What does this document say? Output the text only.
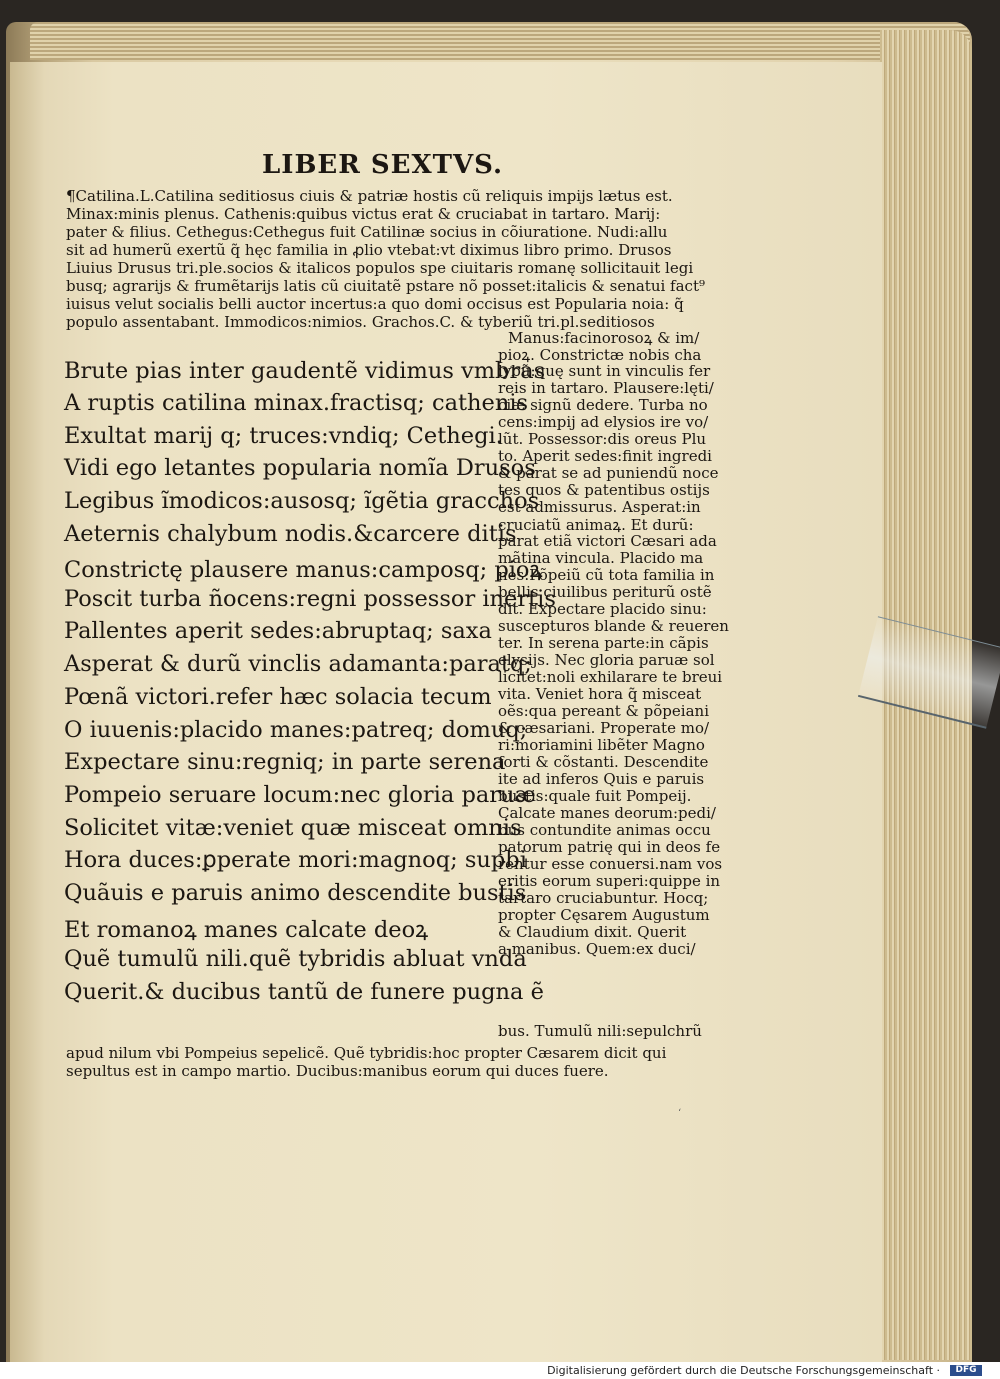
LIBER SEXTVS.
¶Catilina.L.Catilina seditiosus ciuis & patriæ hostis cũ reliquis impijs lætus est.
Minax:minis plenus. Cathenis:quibus victus erat & cruciabat in tartaro. Marij:
pater & filius. Cethegus:Cethegus fuit Catilinæ socius in cõiuratione. Nudi:allu
sit ad humerũ exertũ q̃ hęc familia in ꝓlio vtebat:vt diximus libro primo. Drusos
Liuius Drusus tri.ple.socios & italicos populos spe ciuitaris romanę sollicitauit legi
busq; agrarijs & frumẽtarijs latis cũ ciuitatẽ pstare nõ posset:italicis & senatui fact⁹
iuisus velut socialis belli auctor incertus:a quo domi occisus est Popularia noia: q̃
populo assentabant. Immodicos:nimios. Grachos.C. & tyberiũ tri.pl.seditiosos
Brute pias inter gaudentẽ vidimus vmbras
A ruptis catilina minax.fractisq; cathenis
Exultat marij q; truces:vndiq; Cethegi.
Vidi ego letantes popularia nomĩa Drusos
Legibus ĩmodicos:ausosq; ĩgẽtia gracchos
Aeternis chalybum nodis.&carcere ditis
Constrictę plausere manus:camposq; pioꝝ
Poscit turba ñocens:regni possessor inertis
Pallentes aperit sedes:abruptaq; saxa
Asperat & durũ vinclis adamanta:paratq;
Pœnã victori.refer hæc solacia tecum
O iuuenis:placido manes:patreq; domuq;
Expectare sinu:regniq; in parte serena
Pompeio seruare locum:nec gloria paruæ
Solicitet vitæ:veniet quæ misceat omnis
Hora duces:ꝑperate mori:magnoq; supbi
Quãuis e paruis animo descendite bustis
Et romanoꝝ manes calcate deoꝝ
Quẽ tumulũ nili.quẽ tybridis abluat vnda
Querit.& ducibus tantũ de funere pugna ẽ
Manus:facinorosoꝝ & im/
pioꝝ. Constrictæ nobis cha
lybũ:quę sunt in vinculis fer
reis in tartaro. Plausere:lęti/
ciæ signũ dedere. Turba no
cens:impij ad elysios ire vo/
lũt. Possessor:dis oreus Plu
to. Aperit sedes:finit ingredi
& parat se ad puniendũ noce
tes quos & patentibus ostijs
est admissurus. Asperat:in
cruciatũ animaꝝ. Et durũ:
parat etiã victori Cæsari ada
mãtina vincula. Placido ma
nes:Põpeiũ cũ tota familia in
bellis ciuilibus periturũ ostẽ
dit. Expectare placido sinu:
suscepturos blande & reueren
ter. In serena parte:in cãpis
elysijs. Nec gloria paruæ sol
licitet:noli exhilarare te breui
vita. Veniet hora q̃ misceat
oẽs:qua pereant & põpeiani
& cæsariani. Properate mo/
ri:moriamini libẽter Magno
forti & cõstanti. Descendite
ite ad inferos Quis e paruis
bustis:quale fuit Pompeij.
Calcate manes deorum:pedi/
bus contundite animas occu
patorum patrię qui in deos fe
rentur esse conuersi.nam vos
eritis eorum superi:quippe in
tartaro cruciabuntur. Hocq;
propter Cęsarem Augustum
& Claudium dixit. Querit
a manibus. Quem:ex duci/
bus. Tumulũ nili:sepulchrũ
apud nilum vbi Pompeius sepelicẽ. Quẽ tybridis:hoc propter Cæsarem dicit qui
sepultus est in campo martio. Ducibus:manibus eorum qui duces fuere.
ʻ
Digitalisierung gefördert durch die Deutsche Forschungsgemeinschaft ·	DFG
